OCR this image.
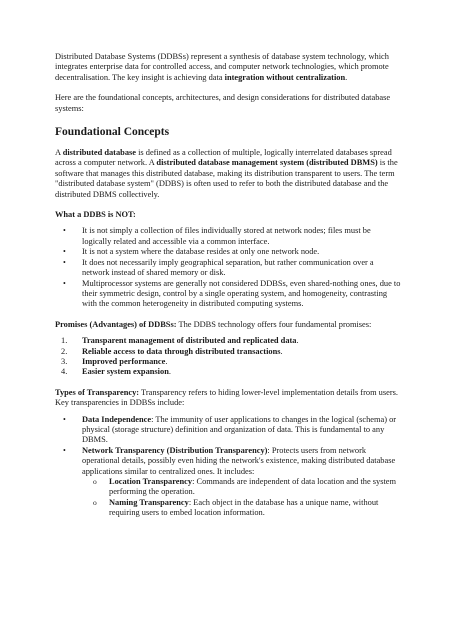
Distributed Database Systems (DDBSs) represent a synthesis of database system technology, which integrates enterprise data for controlled access, and computer network technologies, which promote decentralisation. The key insight is achieving data integration without centralization.

Here are the foundational concepts, architectures, and design considerations for distributed database systems:

Foundational Concepts

A distributed database is defined as a collection of multiple, logically interrelated databases spread across a computer network. A distributed database management system (distributed DBMS) is the software that manages this distributed database, making its distribution transparent to users. The term "distributed database system" (DDBS) is often used to refer to both the distributed database and the distributed DBMS collectively.

What a DDBS is NOT:

• It is not simply a collection of files individually stored at network nodes; files must be logically related and accessible via a common interface.
• It is not a system where the database resides at only one network node.
• It does not necessarily imply geographical separation, but rather communication over a network instead of shared memory or disk.
• Multiprocessor systems are generally not considered DDBSs, even shared-nothing ones, due to their symmetric design, control by a single operating system, and homogeneity, contrasting with the common heterogeneity in distributed computing systems.

Promises (Advantages) of DDBSs: The DDBS technology offers four fundamental promises:

1. Transparent management of distributed and replicated data.
2. Reliable access to data through distributed transactions.
3. Improved performance.
4. Easier system expansion.

Types of Transparency: Transparency refers to hiding lower-level implementation details from users. Key transparencies in DDBSs include:

• Data Independence: The immunity of user applications to changes in the logical (schema) or physical (storage structure) definition and organization of data. This is fundamental to any DBMS.
• Network Transparency (Distribution Transparency): Protects users from network operational details, possibly even hiding the network's existence, making distributed database applications similar to centralized ones. It includes:
o Location Transparency: Commands are independent of data location and the system performing the operation.
o Naming Transparency: Each object in the database has a unique name, without requiring users to embed location information.
